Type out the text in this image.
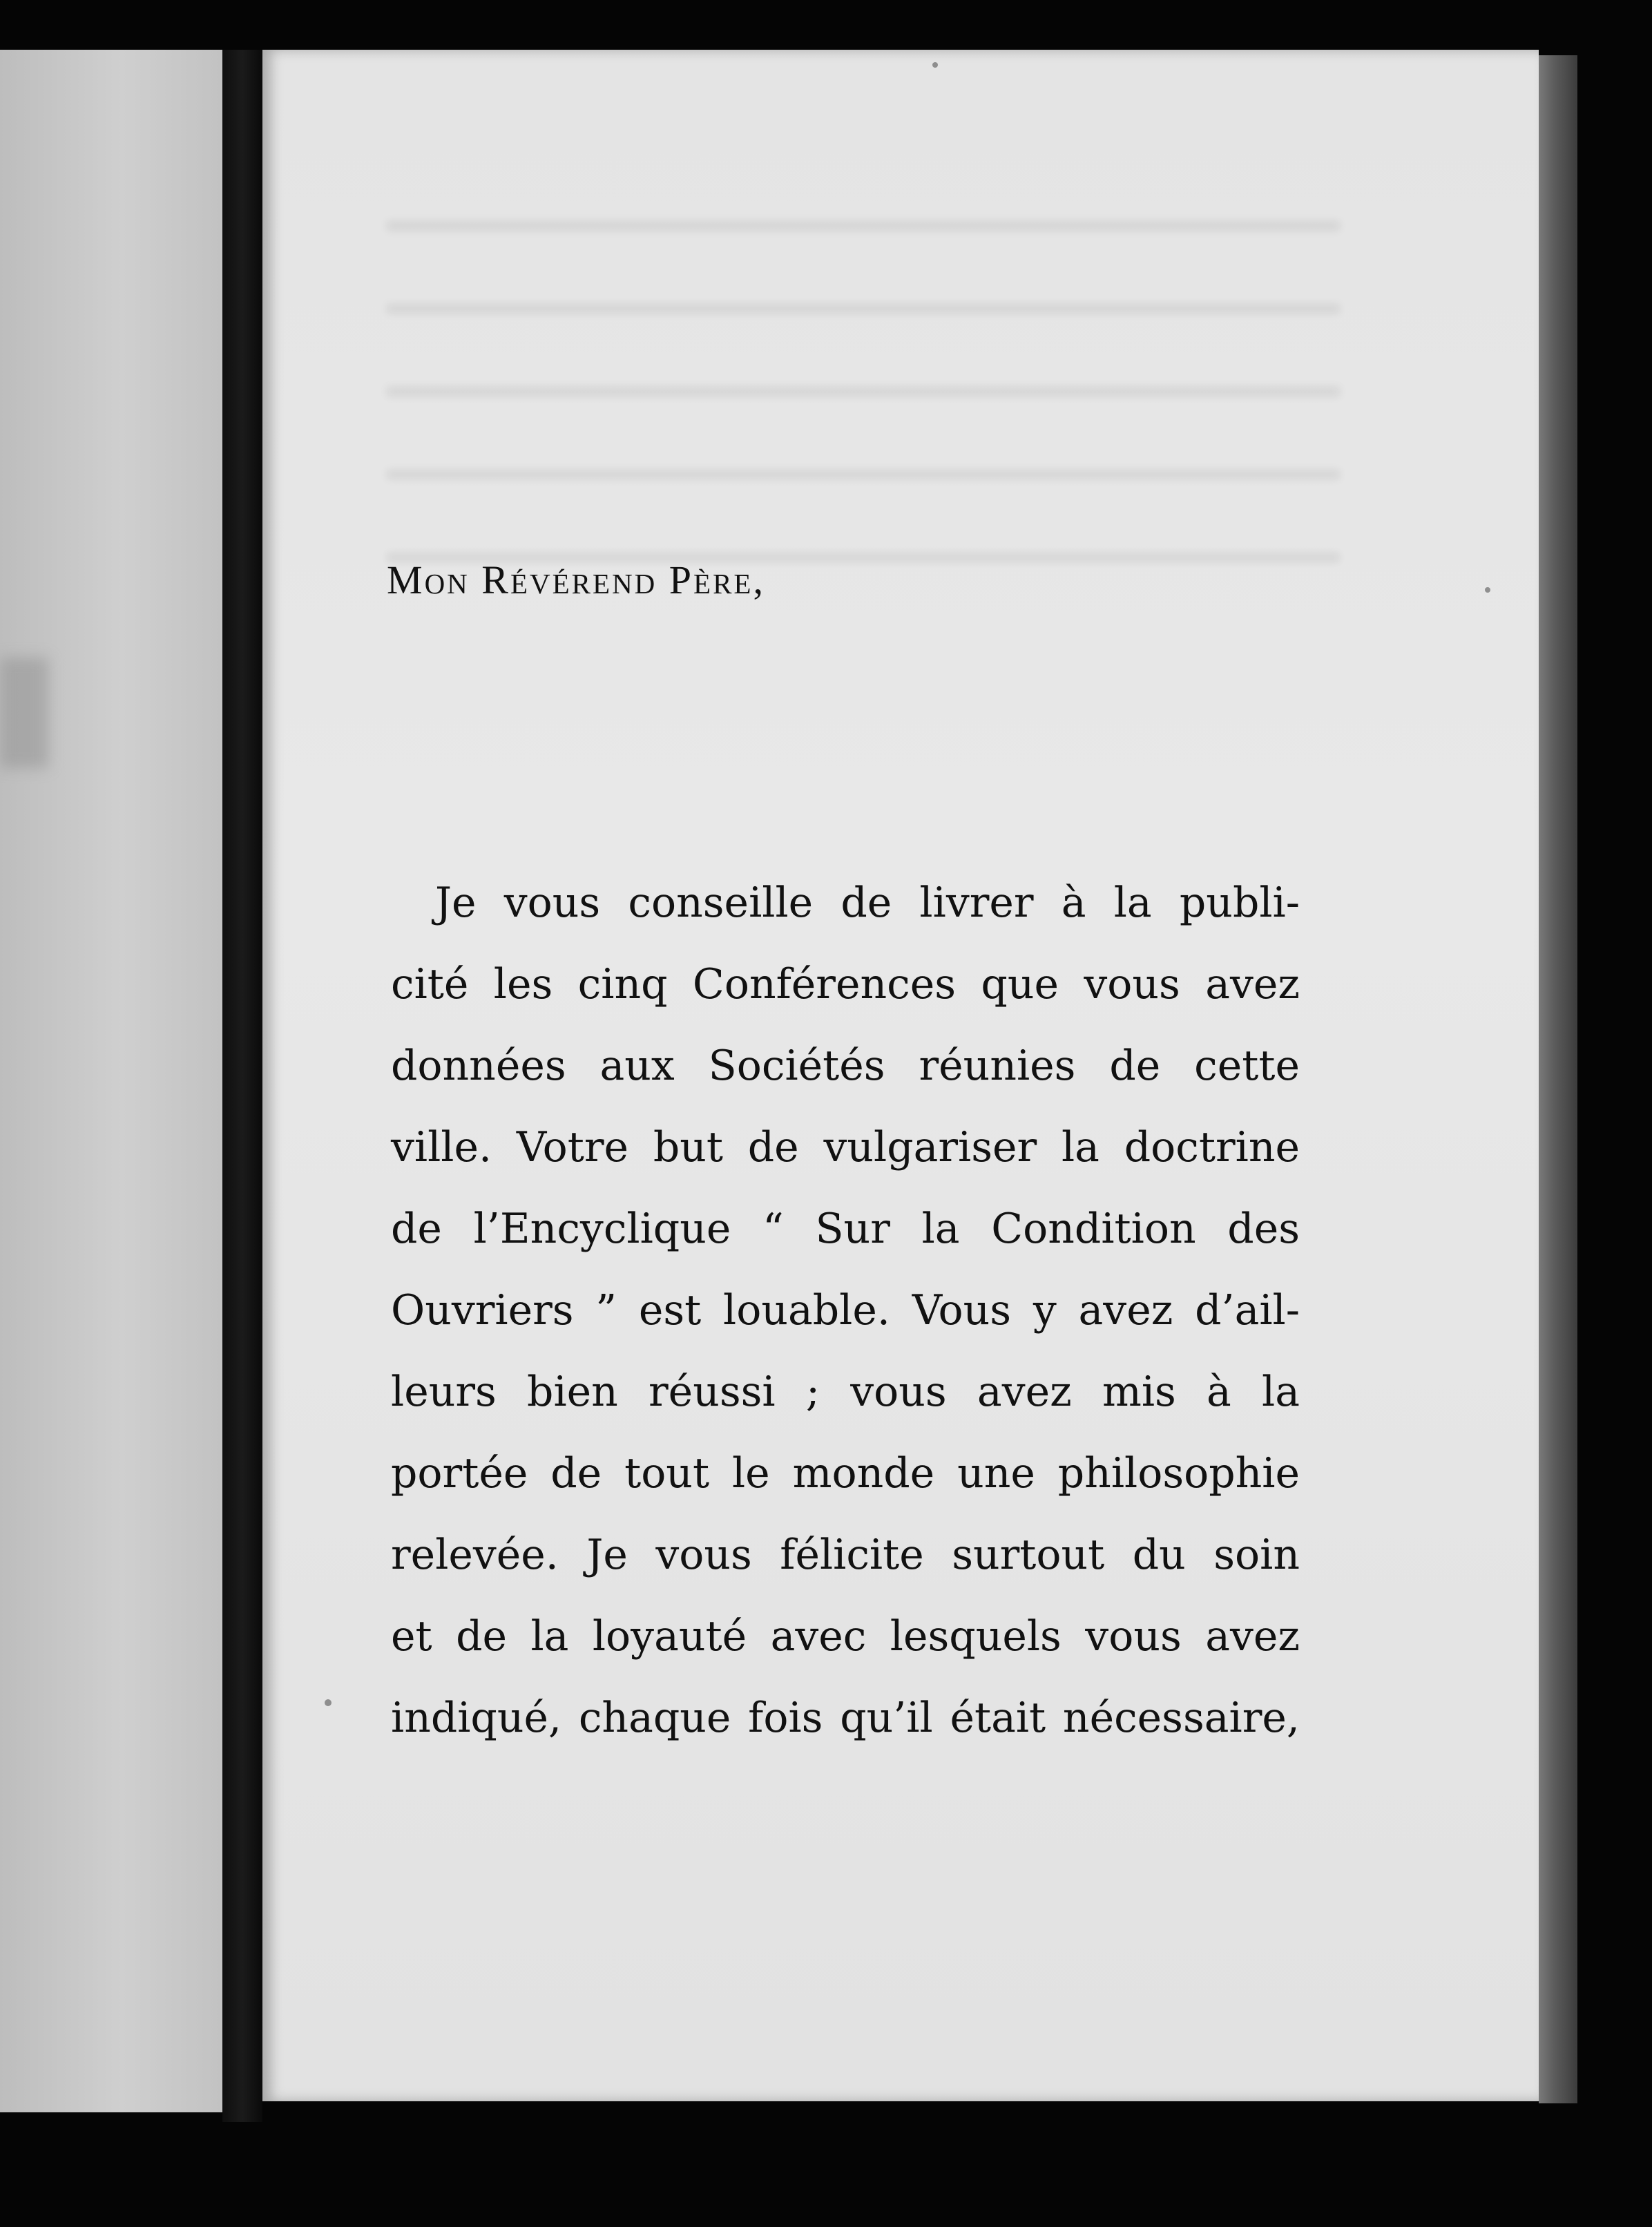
Mon Révérend Père,
Je vous conseille de livrer à la publi-
cité les cinq Conférences que vous avez
données aux Sociétés réunies de cette
ville. Votre but de vulgariser la doctrine
de l’Encyclique “ Sur la Condition des
Ouvriers ” est louable. Vous y avez d’ail-
leurs bien réussi ; vous avez mis à la
portée de tout le monde une philosophie
relevée. Je vous félicite surtout du soin
et de la loyauté avec lesquels vous avez
indiqué, chaque fois qu’il était nécessaire,
